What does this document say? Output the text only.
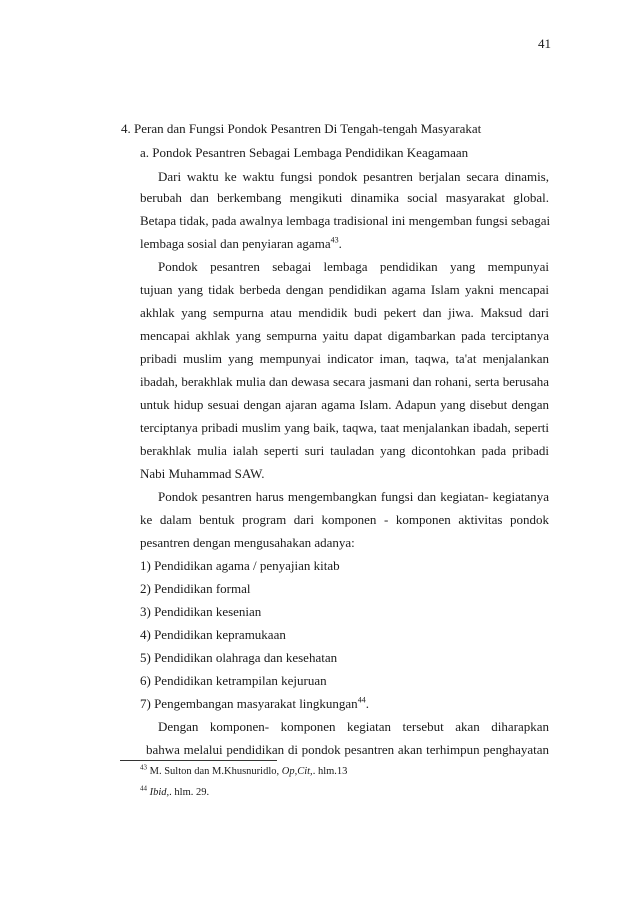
41
4. Peran dan Fungsi Pondok Pesantren Di Tengah-tengah Masyarakat
a. Pondok Pesantren Sebagai Lembaga Pendidikan Keagamaan
Dari waktu ke waktu fungsi pondok pesantren berjalan secara dinamis,
berubah dan berkembang mengikuti dinamika social masyarakat global.
Betapa tidak, pada awalnya lembaga tradisional ini mengemban fungsi sebagai
lembaga sosial dan penyiaran agama$^{43}$.
Pondok pesantren sebagai lembaga pendidikan yang mempunyai
tujuan yang tidak berbeda dengan pendidikan agama Islam yakni mencapai
akhlak yang sempurna atau mendidik budi pekert dan jiwa. Maksud dari
mencapai akhlak yang sempurna yaitu dapat digambarkan pada terciptanya
pribadi muslim yang mempunyai indicator iman, taqwa, ta'at menjalankan
ibadah, berakhlak mulia dan dewasa secara jasmani dan rohani, serta berusaha
untuk hidup sesuai dengan ajaran agama Islam. Adapun yang disebut dengan
terciptanya pribadi muslim yang baik, taqwa, taat menjalankan ibadah, seperti
berakhlak mulia ialah seperti suri tauladan yang dicontohkan pada pribadi
Nabi Muhammad SAW.
Pondok pesantren harus mengembangkan fungsi dan kegiatan- kegiatanya
ke dalam bentuk program dari komponen - komponen aktivitas pondok
pesantren dengan mengusahakan adanya:
1) Pendidikan agama / penyajian kitab
2) Pendidikan formal
3) Pendidikan kesenian
4) Pendidikan kepramukaan
5) Pendidikan olahraga dan kesehatan
6) Pendidikan ketrampilan kejuruan
7) Pengembangan masyarakat lingkungan$^{44}$.
Dengan komponen- komponen kegiatan tersebut akan diharapkan
bahwa melalui pendidikan di pondok pesantren akan terhimpun penghayatan
$^{43}$ M. Sulton dan M.Khusnuridlo, Op,Cit,. hlm.13
$^{44}$ Ibid,. hlm. 29.
